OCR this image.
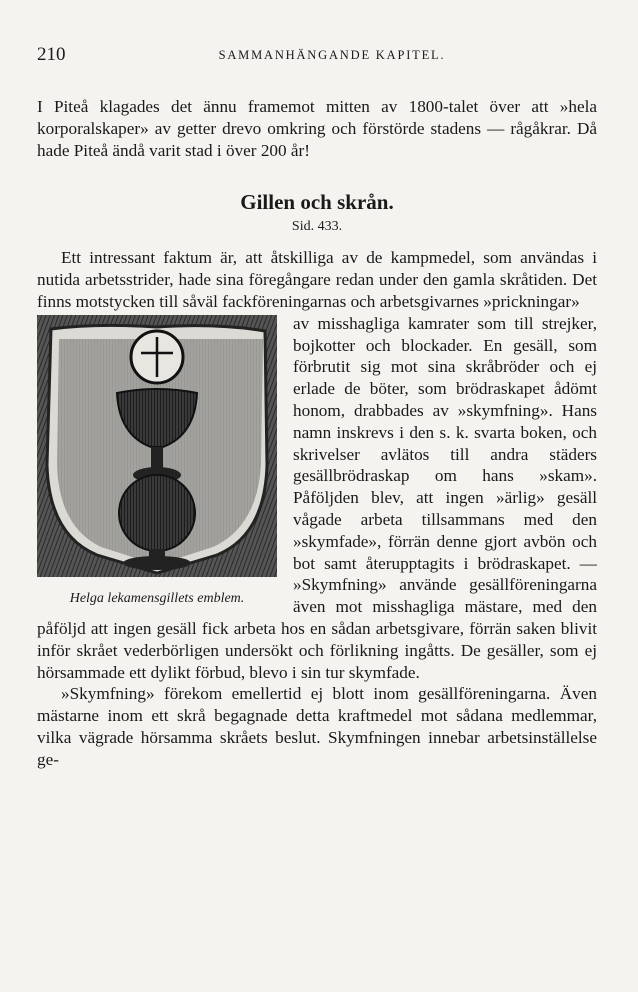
210	SAMMANHÄNGANDE KAPITEL.

I Piteå klagades det ännu framemot mitten av 1800-talet över att »hela korporalskaper» av getter drevo omkring och förstörde stadens — rågåkrar. Då hade Piteå ändå varit stad i över 200 år!

Gillen och skrån.
Sid. 433.

Ett intressant faktum är, att åtskilliga av de kampmedel, som användas i nutida arbetsstrider, hade sina föregångare redan under den gamla skråtiden. Det finns motstycken till såväl fackföreningarnas och arbetsgivarnes »prickningar»

Helga lekamensgillets emblem.

av misshagliga kamrater som till strejker, bojkotter och blockader. En gesäll, som förbrutit sig mot sina skråbröder och ej erlade de böter, som brödraskapet ådömt honom, drabbades av »skymfning». Hans namn inskrevs i den s. k. svarta boken, och skrivelser avlätos till andra städers gesällbrödraskap om hans »skam». Påföljden blev, att ingen »ärlig» gesäll vågade arbeta tillsammans med den »skymfade», förrän denne gjort avbön och bot samt återupptagits i brödraskapet. — »Skymfning» använde gesällföreningarna även mot misshagliga mästare, med den påföljd att ingen gesäll fick arbeta hos en sådan arbetsgivare, förrän saken blivit inför skrået vederbörligen undersökt och förlikning ingåtts. De gesäller, som ej hörsammade ett dylikt förbud, blevo i sin tur skymfade.

»Skymfning» förekom emellertid ej blott inom gesällföreningarna. Även mästarne inom ett skrå begagnade detta kraftmedel mot sådana medlemmar, vilka vägrade hörsamma skråets beslut. Skymfningen innebar arbetsinställelse ge-
